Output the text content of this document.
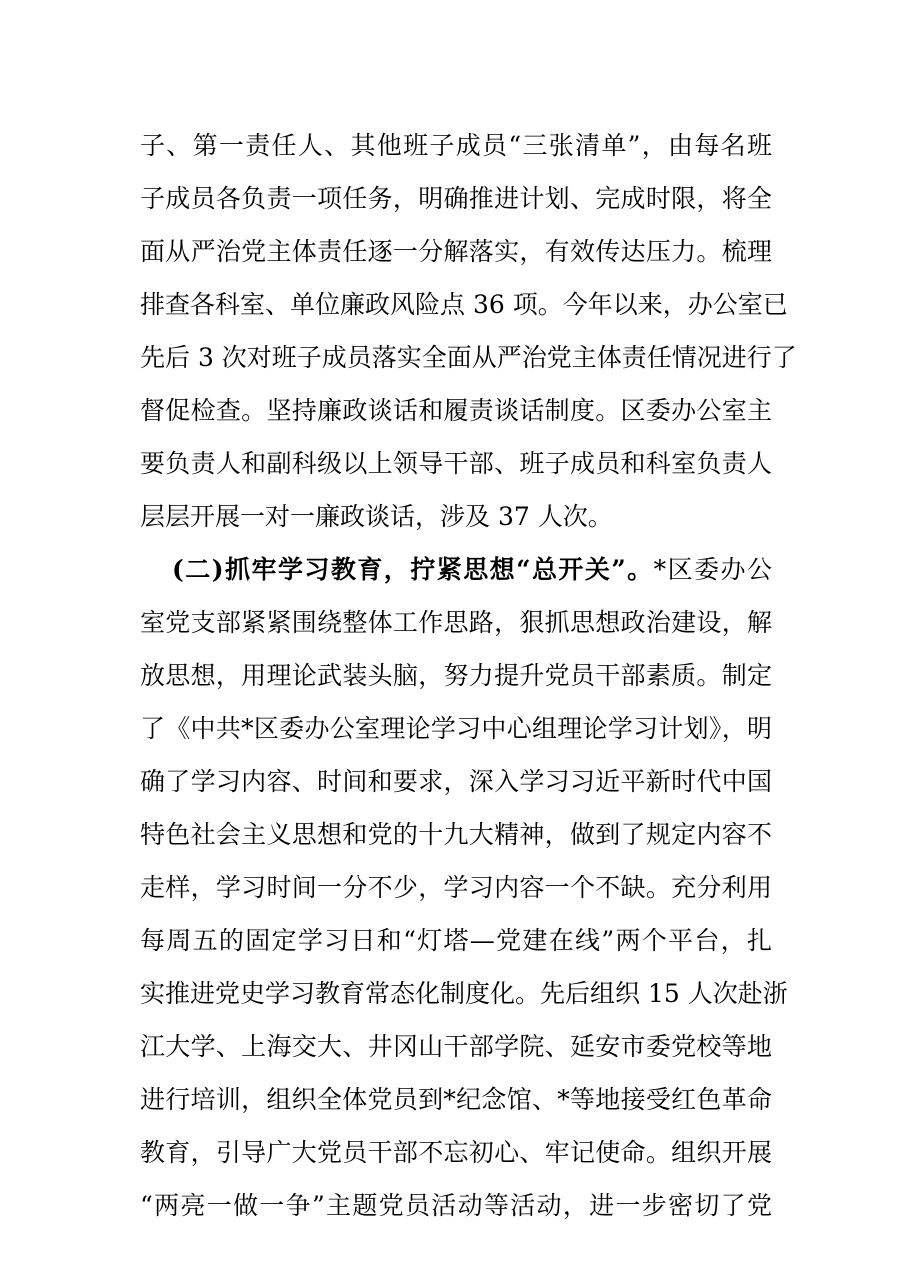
子、第一责任人、其他班子成员“三张清单”，由每名班
子成员各负责一项任务，明确推进计划、完成时限，将全
面从严治党主体责任逐一分解落实，有效传达压力。梳理
排查各科室、单位廉政风险点 36 项。今年以来，办公室已
先后 3 次对班子成员落实全面从严治党主体责任情况进行了
督促检查。坚持廉政谈话和履责谈话制度。区委办公室主
要负责人和副科级以上领导干部、班子成员和科室负责人
层层开展一对一廉政谈话，涉及 37 人次。
(二)抓牢学习教育，拧紧思想“总开关”。*区委办公
室党支部紧紧围绕整体工作思路，狠抓思想政治建设，解
放思想，用理论武装头脑，努力提升党员干部素质。制定
了《中共*区委办公室理论学习中心组理论学习计划》，明
确了学习内容、时间和要求，深入学习习近平新时代中国
特色社会主义思想和党的十九大精神，做到了规定内容不
走样，学习时间一分不少，学习内容一个不缺。充分利用
每周五的固定学习日和“灯塔—党建在线”两个平台，扎
实推进党史学习教育常态化制度化。先后组织 15 人次赴浙
江大学、上海交大、井冈山干部学院、延安市委党校等地
进行培训，组织全体党员到*纪念馆、*等地接受红色革命
教育，引导广大党员干部不忘初心、牢记使命。组织开展
“两亮一做一争”主题党员活动等活动，进一步密切了党
